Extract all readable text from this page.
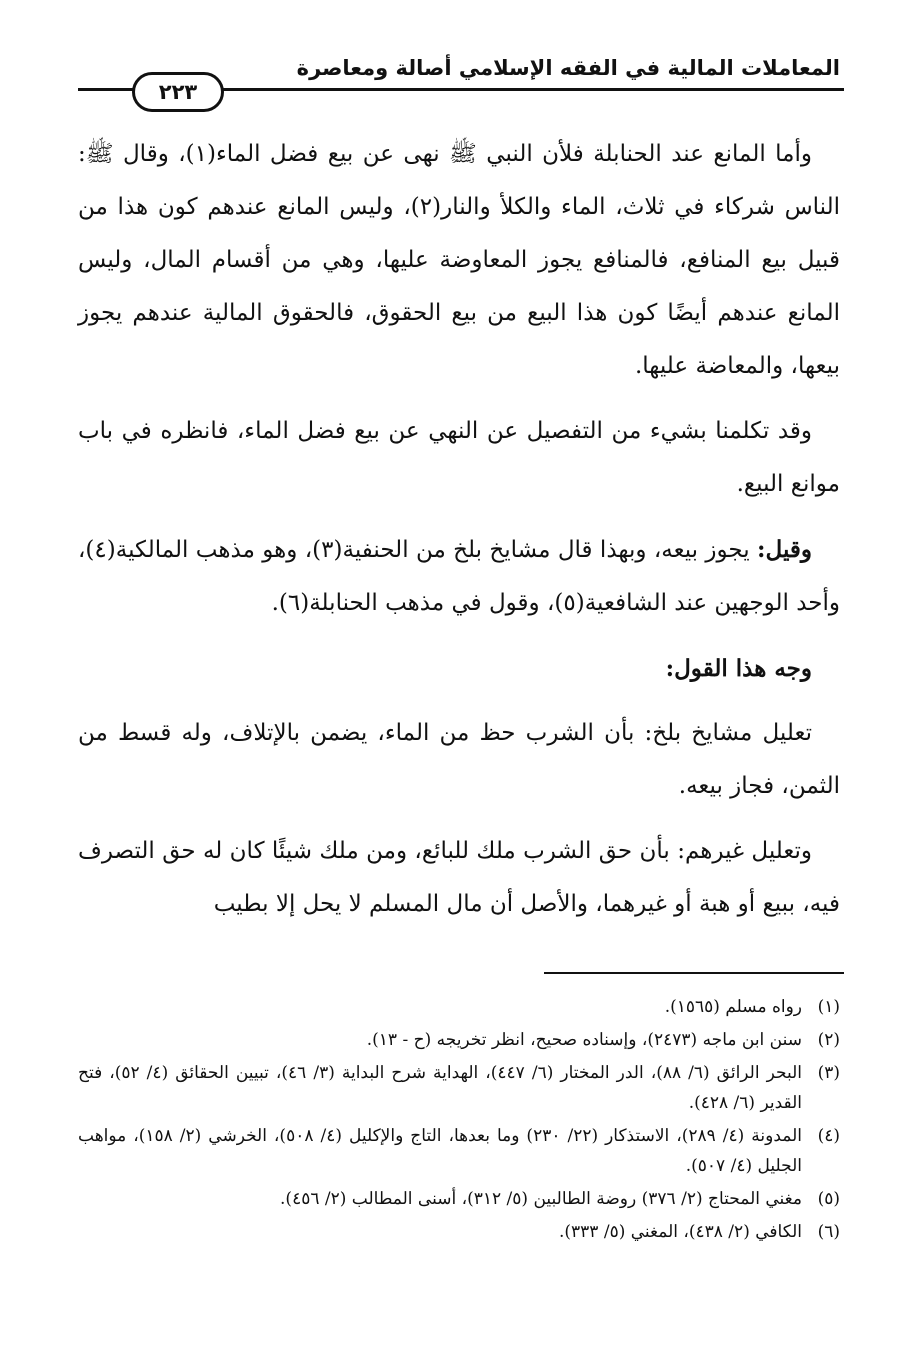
المعاملات المالية في الفقه الإسلامي أصالة ومعاصرة
٢٢٣

وأما المانع عند الحنابلة فلأن النبي ﷺ نهى عن بيع فضل الماء(١)، وقال ﷺ: الناس شركاء في ثلاث، الماء والكلأ والنار(٢)، وليس المانع عندهم كون هذا من قبيل بيع المنافع، فالمنافع يجوز المعاوضة عليها، وهي من أقسام المال، وليس المانع عندهم أيضًا كون هذا البيع من بيع الحقوق، فالحقوق المالية عندهم يجوز بيعها، والمعاضة عليها.

وقد تكلمنا بشيء من التفصيل عن النهي عن بيع فضل الماء، فانظره في باب موانع البيع.

وقيل: يجوز بيعه، وبهذا قال مشايخ بلخ من الحنفية(٣)، وهو مذهب المالكية(٤)، وأحد الوجهين عند الشافعية(٥)، وقول في مذهب الحنابلة(٦).

وجه هذا القول:

تعليل مشايخ بلخ: بأن الشرب حظ من الماء، يضمن بالإتلاف، وله قسط من الثمن، فجاز بيعه.

وتعليل غيرهم: بأن حق الشرب ملك للبائع، ومن ملك شيئًا كان له حق التصرف فيه، ببيع أو هبة أو غيرهما، والأصل أن مال المسلم لا يحل إلا بطيب

(١)
رواه مسلم (١٥٦٥).
(٢)
سنن ابن ماجه (٢٤٧٣)، وإسناده صحيح، انظر تخريجه (ح - ١٣).
(٣)
البحر الرائق (٦/ ٨٨)، الدر المختار (٦/ ٤٤٧)، الهداية شرح البداية (٣/ ٤٦)، تبيين الحقائق (٤/ ٥٢)، فتح القدير (٦/ ٤٢٨).
(٤)
المدونة (٤/ ٢٨٩)، الاستذكار (٢٢/ ٢٣٠) وما بعدها، التاج والإكليل (٤/ ٥٠٨)، الخرشي (٢/ ١٥٨)، مواهب الجليل (٤/ ٥٠٧).
(٥)
مغني المحتاج (٢/ ٣٧٦) روضة الطالبين (٥/ ٣١٢)، أسنى المطالب (٢/ ٤٥٦).
(٦)
الكافي (٢/ ٤٣٨)، المغني (٥/ ٣٣٣).
